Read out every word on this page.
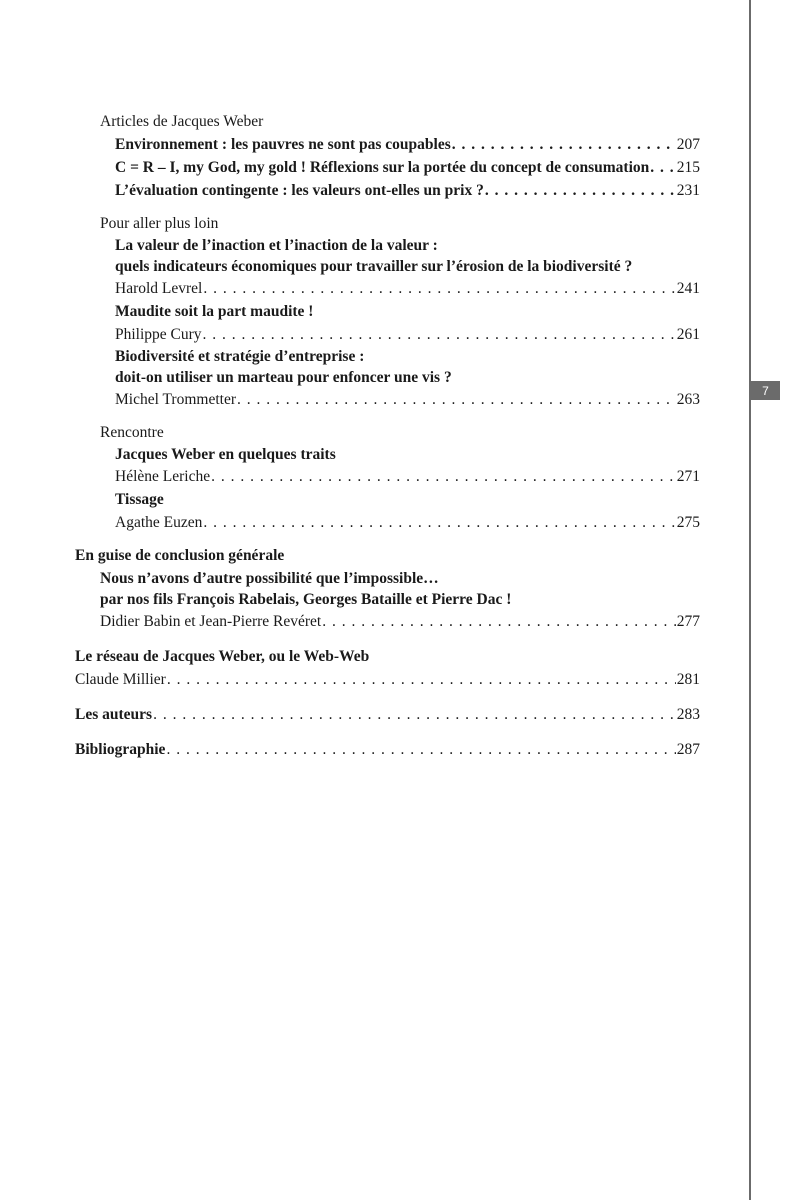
7
Articles de Jacques Weber
Environnement : les pauvres ne sont pas coupables . . .	207
C = R – I, my God, my gold ! Réflexions sur la portée du concept de consumation . . . 215
L’évaluation contingente : les valeurs ont-elles un prix ? . . .	231
Pour aller plus loin
La valeur de l’inaction et l’inaction de la valeur :
quels indicateurs économiques pour travailler sur l’érosion de la biodiversité ?
Harold Levrel . . .	241
Maudite soit la part maudite !
Philippe Cury . . .	261
Biodiversité et stratégie d’entreprise :
doit-on utiliser un marteau pour enfoncer une vis ?
Michel Trommetter . . .	263
Rencontre
Jacques Weber en quelques traits
Hélène Leriche . . .	271
Tissage
Agathe Euzen . . .	275
En guise de conclusion générale
Nous n’avons d’autre possibilité que l’impossible…
par nos fils François Rabelais, Georges Bataille et Pierre Dac !
Didier Babin et Jean-Pierre Revéret . . .	277
Le réseau de Jacques Weber, ou le Web-Web
Claude Millier . . .	281
Les auteurs . . .	283
Bibliographie . . .	287
